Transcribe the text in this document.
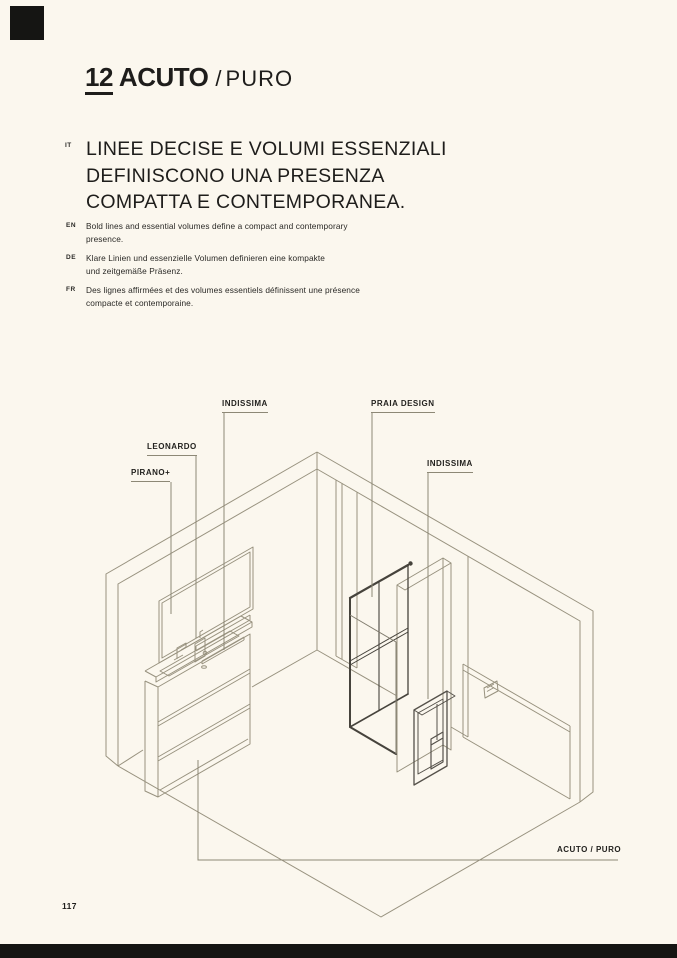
12 ACUTO / PURO
IT LINEE DECISE E VOLUMI ESSENZIALI
DEFINISCONO UNA PRESENZA
COMPATTA E CONTEMPORANEA.
EN Bold lines and essential volumes define a compact and contemporary
presence.
DE Klare Linien und essenzielle Volumen definieren eine kompakte
und zeitgemäße Präsenz.
FR Des lignes affirmées et des volumes essentiels définissent une présence
compacte et contemporaine.
INDISSIMA	PRAIA DESIGN
LEONARDO
PIRANO+
INDISSIMA
ACUTO / PURO
117
